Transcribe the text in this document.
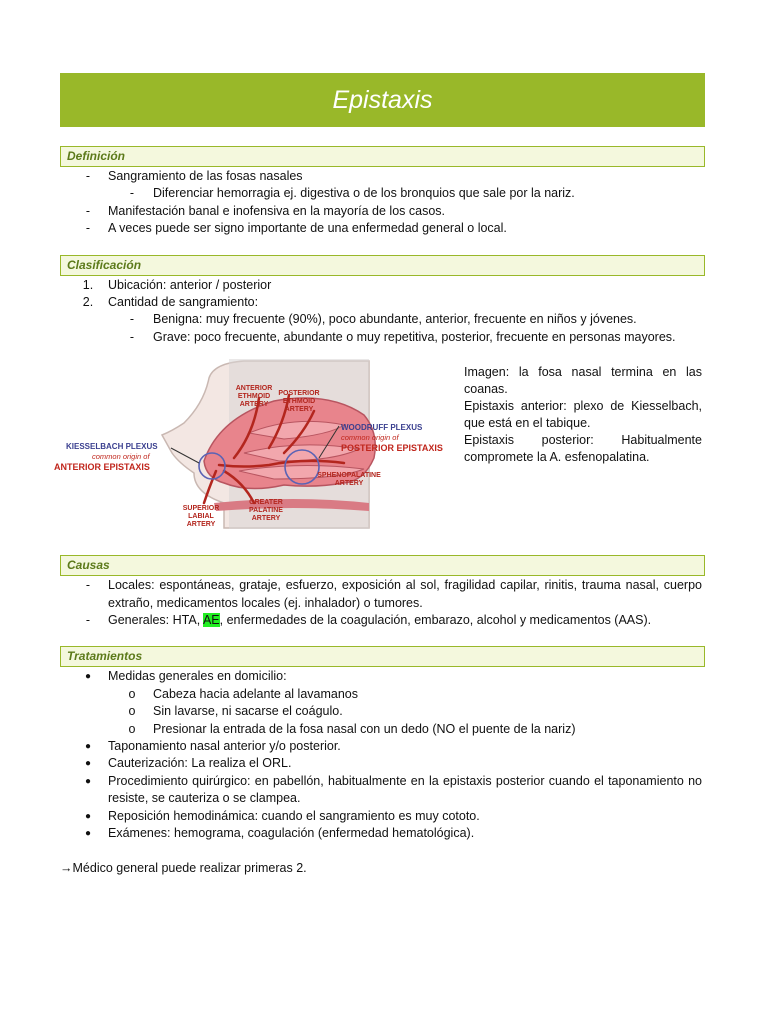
Epistaxis
Definición
-	Sangramiento de las fosas nasales
-	Diferenciar hemorragia ej. digestiva o de los bronquios que sale por la nariz.
-	Manifestación banal e inofensiva en la mayoría de los casos.
-	A veces puede ser signo importante de una enfermedad general o local.
Clasificación
1. Ubicación: anterior / posterior
2. Cantidad de sangramiento:
-	Benigna: muy frecuente (90%), poco abundante, anterior, frecuente en niños y jóvenes.
-	Grave: poco frecuente, abundante o muy repetitiva, posterior, frecuente en personas mayores.
ANTERIOR
ETHMOID
ARTERY
POSTERIOR
ETHMOID
ARTERY
SPHENOPALATINE
ARTERY
SUPERIOR
LABIAL
ARTERY
GREATER
PALATINE
ARTERY
WOODRUFF PLEXUS
common origin of
POSTERIOR EPISTAXIS
KIESSELBACH PLEXUS
common origin of
ANTERIOR EPISTAXIS
Imagen: la fosa nasal termina en las
coanas.
Epistaxis anterior: plexo de Kiesselbach,
que está en el tabique.
Epistaxis posterior: Habitualmente
compromete la A. esfenopalatina.
Causas
-	Locales: espontáneas, grataje, esfuerzo, exposición al sol, fragilidad capilar, rinitis, trauma nasal, cuerpo
extraño, medicamentos locales (ej. inhalador) o tumores.
-	Generales: HTA, AE, enfermedades de la coagulación, embarazo, alcohol y medicamentos (AAS).
Tratamientos
●	Medidas generales en domicilio:
o	Cabeza hacia adelante al lavamanos
o	Sin lavarse, ni sacarse el coágulo.
o	Presionar la entrada de la fosa nasal con un dedo (NO el puente de la nariz)
●	Taponamiento nasal anterior y/o posterior.
●	Cauterización: La realiza el ORL.
●	Procedimiento quirúrgico: en pabellón, habitualmente en la epistaxis posterior cuando el taponamiento no
resiste, se cauteriza o se clampea.
●	Reposición hemodinámica: cuando el sangramiento es muy cototo.
●	Exámenes: hemograma, coagulación (enfermedad hematológica).
→Médico general puede realizar primeras 2.
